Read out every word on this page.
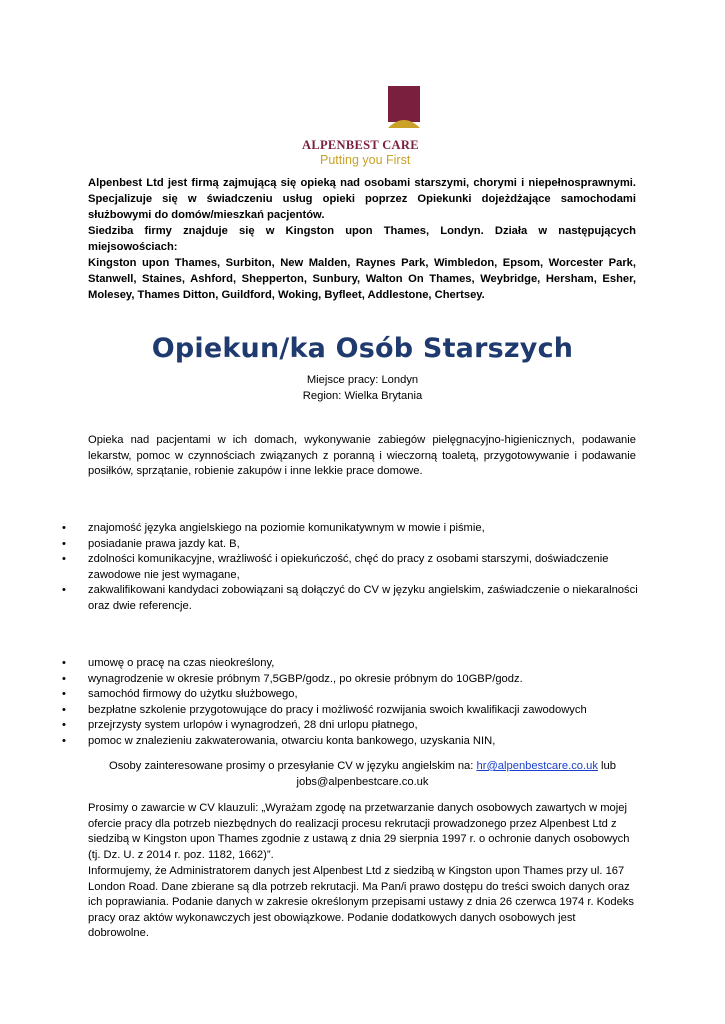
ALPENBEST CARE
Putting you First

Alpenbest Ltd jest firmą zajmującą się opieką nad osobami starszymi, chorymi i niepełnosprawnymi. Specjalizuje się w świadczeniu usług opieki poprzez Opiekunki dojeżdżające samochodami służbowymi do domów/mieszkań pacjentów.

Siedziba firmy znajduje się w Kingston upon Thames, Londyn. Działa w następujących miejsowościach:

Kingston upon Thames, Surbiton, New Malden, Raynes Park, Wimbledon, Epsom, Worcester Park, Stanwell, Staines, Ashford, Shepperton, Sunbury, Walton On Thames, Weybridge, Hersham, Esher, Molesey, Thames Ditton, Guildford, Woking, Byfleet, Addlestone, Chertsey.

Opiekun/ka Osób Starszych
Miejsce pracy: Londyn
Region: Wielka Brytania
Opieka nad pacjentami w ich domach, wykonywanie zabiegów pielęgnacyjno-higienicznych, podawanie lekarstw, pomoc w czynnościach związanych z poranną i wieczorną toaletą, przygotowywanie i podawanie posiłków, sprzątanie, robienie zakupów i inne lekkie prace domowe.
• znajomość języka angielskiego na poziomie komunikatywnym w mowie i piśmie,
• posiadanie prawa jazdy kat. B,
• zdolności komunikacyjne, wrażliwość i opiekuńczość, chęć do pracy z osobami starszymi, doświadczenie zawodowe nie jest wymagane,
• zakwalifikowani kandydaci zobowiązani są dołączyć do CV w języku angielskim, zaświadczenie o niekaralności oraz dwie referencje.
• umowę o pracę na czas nieokreślony,
• wynagrodzenie w okresie próbnym 7,5GBP/godz., po okresie próbnym do 10GBP/godz.
• samochód firmowy do użytku służbowego,
• bezpłatne szkolenie przygotowujące do pracy i możliwość rozwijania swoich kwalifikacji zawodowych
• przejrzysty system urlopów i wynagrodzeń, 28 dni urlopu płatnego,
• pomoc w znalezieniu zakwaterowania, otwarciu konta bankowego, uzyskania NIN,
Osoby zainteresowane prosimy o przesyłanie CV w języku angielskim na: hr@alpenbestcare.co.uk lub
jobs@alpenbestcare.co.uk
Prosimy o zawarcie w CV klauzuli: „Wyrażam zgodę na przetwarzanie danych osobowych zawartych w mojej ofercie pracy dla potrzeb niezbędnych do realizacji procesu rekrutacji prowadzonego przez Alpenbest Ltd z siedzibą w Kingston upon Thames zgodnie z ustawą z dnia 29 sierpnia 1997 r. o ochronie danych osobowych (tj. Dz. U. z 2014 r. poz. 1182, 1662)”.
Informujemy, że Administratorem danych jest Alpenbest Ltd z siedzibą w Kingston upon Thames przy ul. 167 London Road. Dane zbierane są dla potrzeb rekrutacji. Ma Pan/i prawo dostępu do treści swoich danych oraz ich poprawiania. Podanie danych w zakresie określonym przepisami ustawy z dnia 26 czerwca 1974 r. Kodeks pracy oraz aktów wykonawczych jest obowiązkowe. Podanie dodatkowych danych osobowych jest dobrowolne.
